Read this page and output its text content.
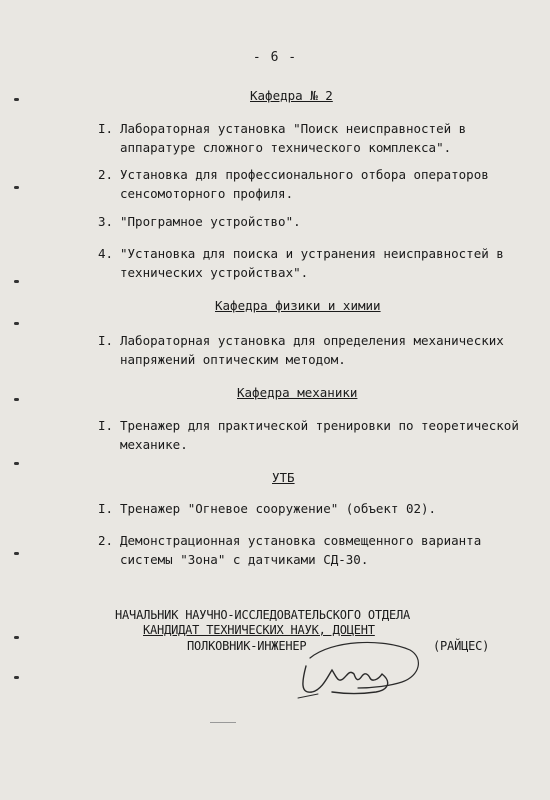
- 6 -
Кафедра № 2
I. Лабораторная установка "Поиск неисправностей в аппаратуре сложного технического комплекса".
2. Установка для профессионального отбора операторов сенсомоторного профиля.
3. "Програмное устройство".
4. "Установка для поиска и устранения неисправностей в технических устройствах".
Кафедра физики и химии
I. Лабораторная установка для определения механических напряжений оптическим методом.
Кафедра механики
I. Тренажер для практической тренировки по теоретической механике.
УТБ
I. Тренажер "Огневое сооружение" (объект 02).
2. Демонстрационная установка совмещенного варианта системы "Зона" с датчиками СД-30.
НАЧАЛЬНИК НАУЧНО-ИССЛЕДОВАТЕЛЬСКОГО ОТДЕЛА
КАНДИДАТ ТЕХНИЧЕСКИХ НАУК, ДОЦЕНТ
ПОЛКОВНИК-ИНЖЕНЕР	(РАЙЦЕС)
